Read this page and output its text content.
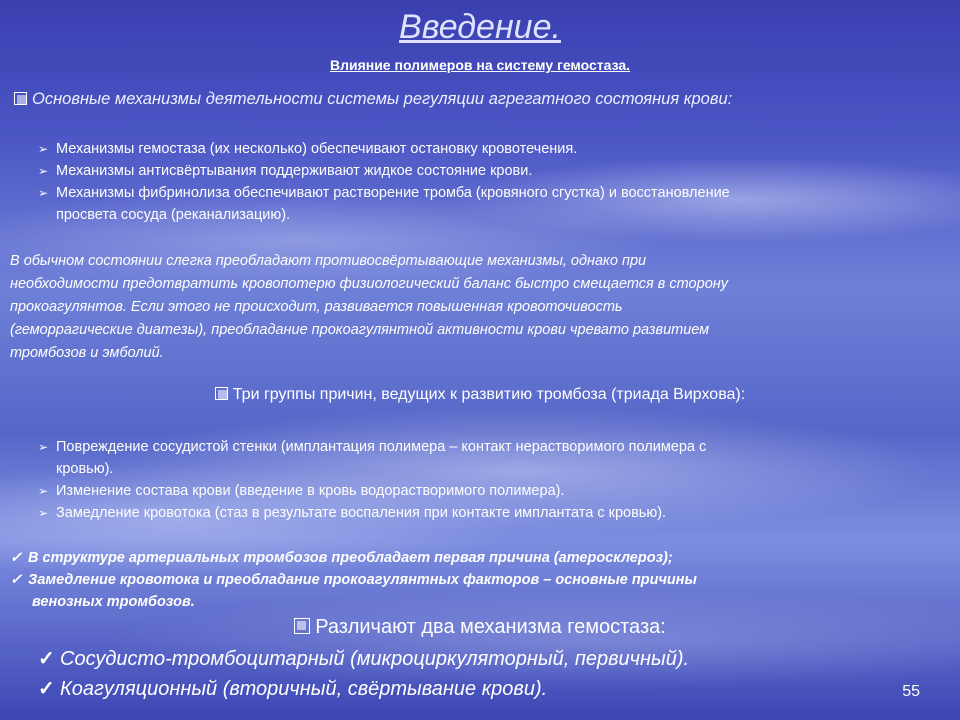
Введение.
Влияние полимеров на систему гемостаза.
Основные механизмы деятельности системы регуляции агрегатного состояния крови:

➢ Механизмы гемостаза (их несколько) обеспечивают остановку кровотечения.

➢ Механизмы антисвёртывания поддерживают жидкое состояние крови.

➢ Механизмы фибринолиза обеспечивают растворение тромба (кровяного сгустка) и восстановление

просвета сосуда (реканализацию).

В обычном состоянии слегка преобладают противосвёртывающие механизмы, однако при
необходимости предотвратить кровопотерю физиологический баланс быстро смещается в сторону
прокоагулянтов. Если этого не происходит, развивается повышенная кровоточивость
(геморрагические диатезы), преобладание прокоагулянтной активности крови чревато развитием
тромбозов и эмболий.
Три группы причин, ведущих к развитию тромбоза (триада Вирхова):

➢ Повреждение сосудистой стенки (имплантация полимера – контакт нерастворимого полимера с

кровью).

➢ Изменение состава крови (введение в кровь водорастворимого полимера).

➢ Замедление кровотока (стаз в результате воспаления при контакте имплантата с кровью).

✓ В структуре артериальных тромбозов преобладает первая причина (атеросклероз);

✓ Замедление кровотока и преобладание прокоагулянтных факторов – основные причины

венозных тромбозов.

Различают два механизма гемостаза:

✓ Сосудисто-тромбоцитарный (микроциркуляторный, первичный).

✓ Коагуляционный (вторичный, свёртывание крови).	55
